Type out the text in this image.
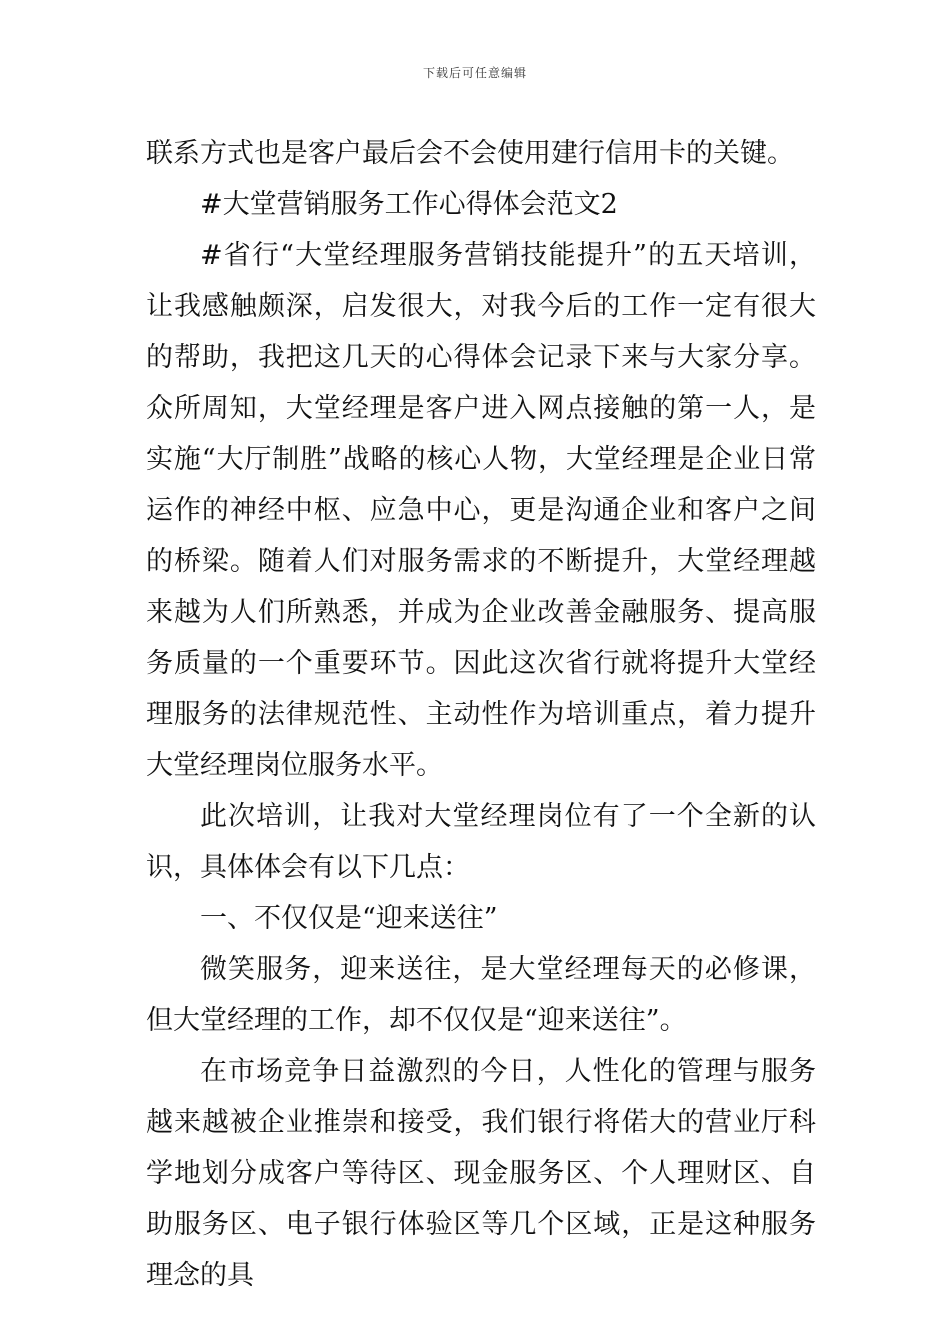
下载后可任意编辑

联系方式也是客户最后会不会使用建行信用卡的关键。

#大堂营销服务工作心得体会范文2

#省行“大堂经理服务营销技能提升”的五天培训，让我感触颇深，启发很大，对我今后的工作一定有很大的帮助，我把这几天的心得体会记录下来与大家分享。众所周知，大堂经理是客户进入网点接触的第一人，是实施“大厅制胜”战略的核心人物，大堂经理是企业日常运作的神经中枢、应急中心，更是沟通企业和客户之间的桥梁。随着人们对服务需求的不断提升，大堂经理越来越为人们所熟悉，并成为企业改善金融服务、提高服务质量的一个重要环节。因此这次省行就将提升大堂经理服务的法律规范性、主动性作为培训重点，着力提升大堂经理岗位服务水平。

此次培训，让我对大堂经理岗位有了一个全新的认识，具体体会有以下几点：

一、不仅仅是“迎来送往”

微笑服务，迎来送往，是大堂经理每天的必修课，但大堂经理的工作，却不仅仅是“迎来送往”。

在市场竞争日益激烈的今日，人性化的管理与服务越来越被企业推崇和接受，我们银行将偌大的营业厅科学地划分成客户等待区、现金服务区、个人理财区、自助服务区、电子银行体验区等几个区域，正是这种服务理念的具
